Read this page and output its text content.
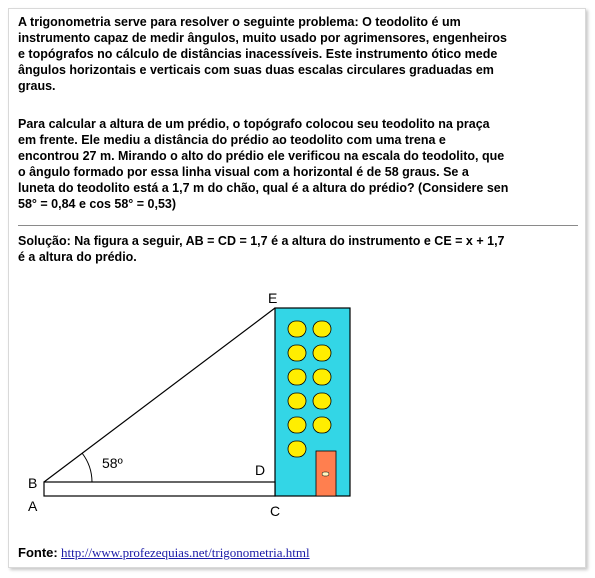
A trigonometria serve para resolver o seguinte problema: O teodolito é um
instrumento capaz de medir ângulos, muito usado por agrimensores, engenheiros
e topógrafos no cálculo de distâncias inacessíveis. Este instrumento ótico mede
ângulos horizontais e verticais com suas duas escalas circulares graduadas em
graus.
Para calcular a altura de um prédio, o topógrafo colocou seu teodolito na praça
em frente. Ele mediu a distância do prédio ao teodolito com uma trena e
encontrou 27 m. Mirando o alto do prédio ele verificou na escala do teodolito, que
o ângulo formado por essa linha visual com a horizontal é de 58 graus. Se a
luneta do teodolito está a 1,7 m do chão, qual é a altura do prédio? (Considere sen
58° = 0,84 e cos 58° = 0,53)
Solução: Na figura a seguir, AB = CD = 1,7 é a altura do instrumento e CE = x + 1,7
é a altura do prédio.
58º
E
B
A
D
C
Fonte: http://www.profezequias.net/trigonometria.html
